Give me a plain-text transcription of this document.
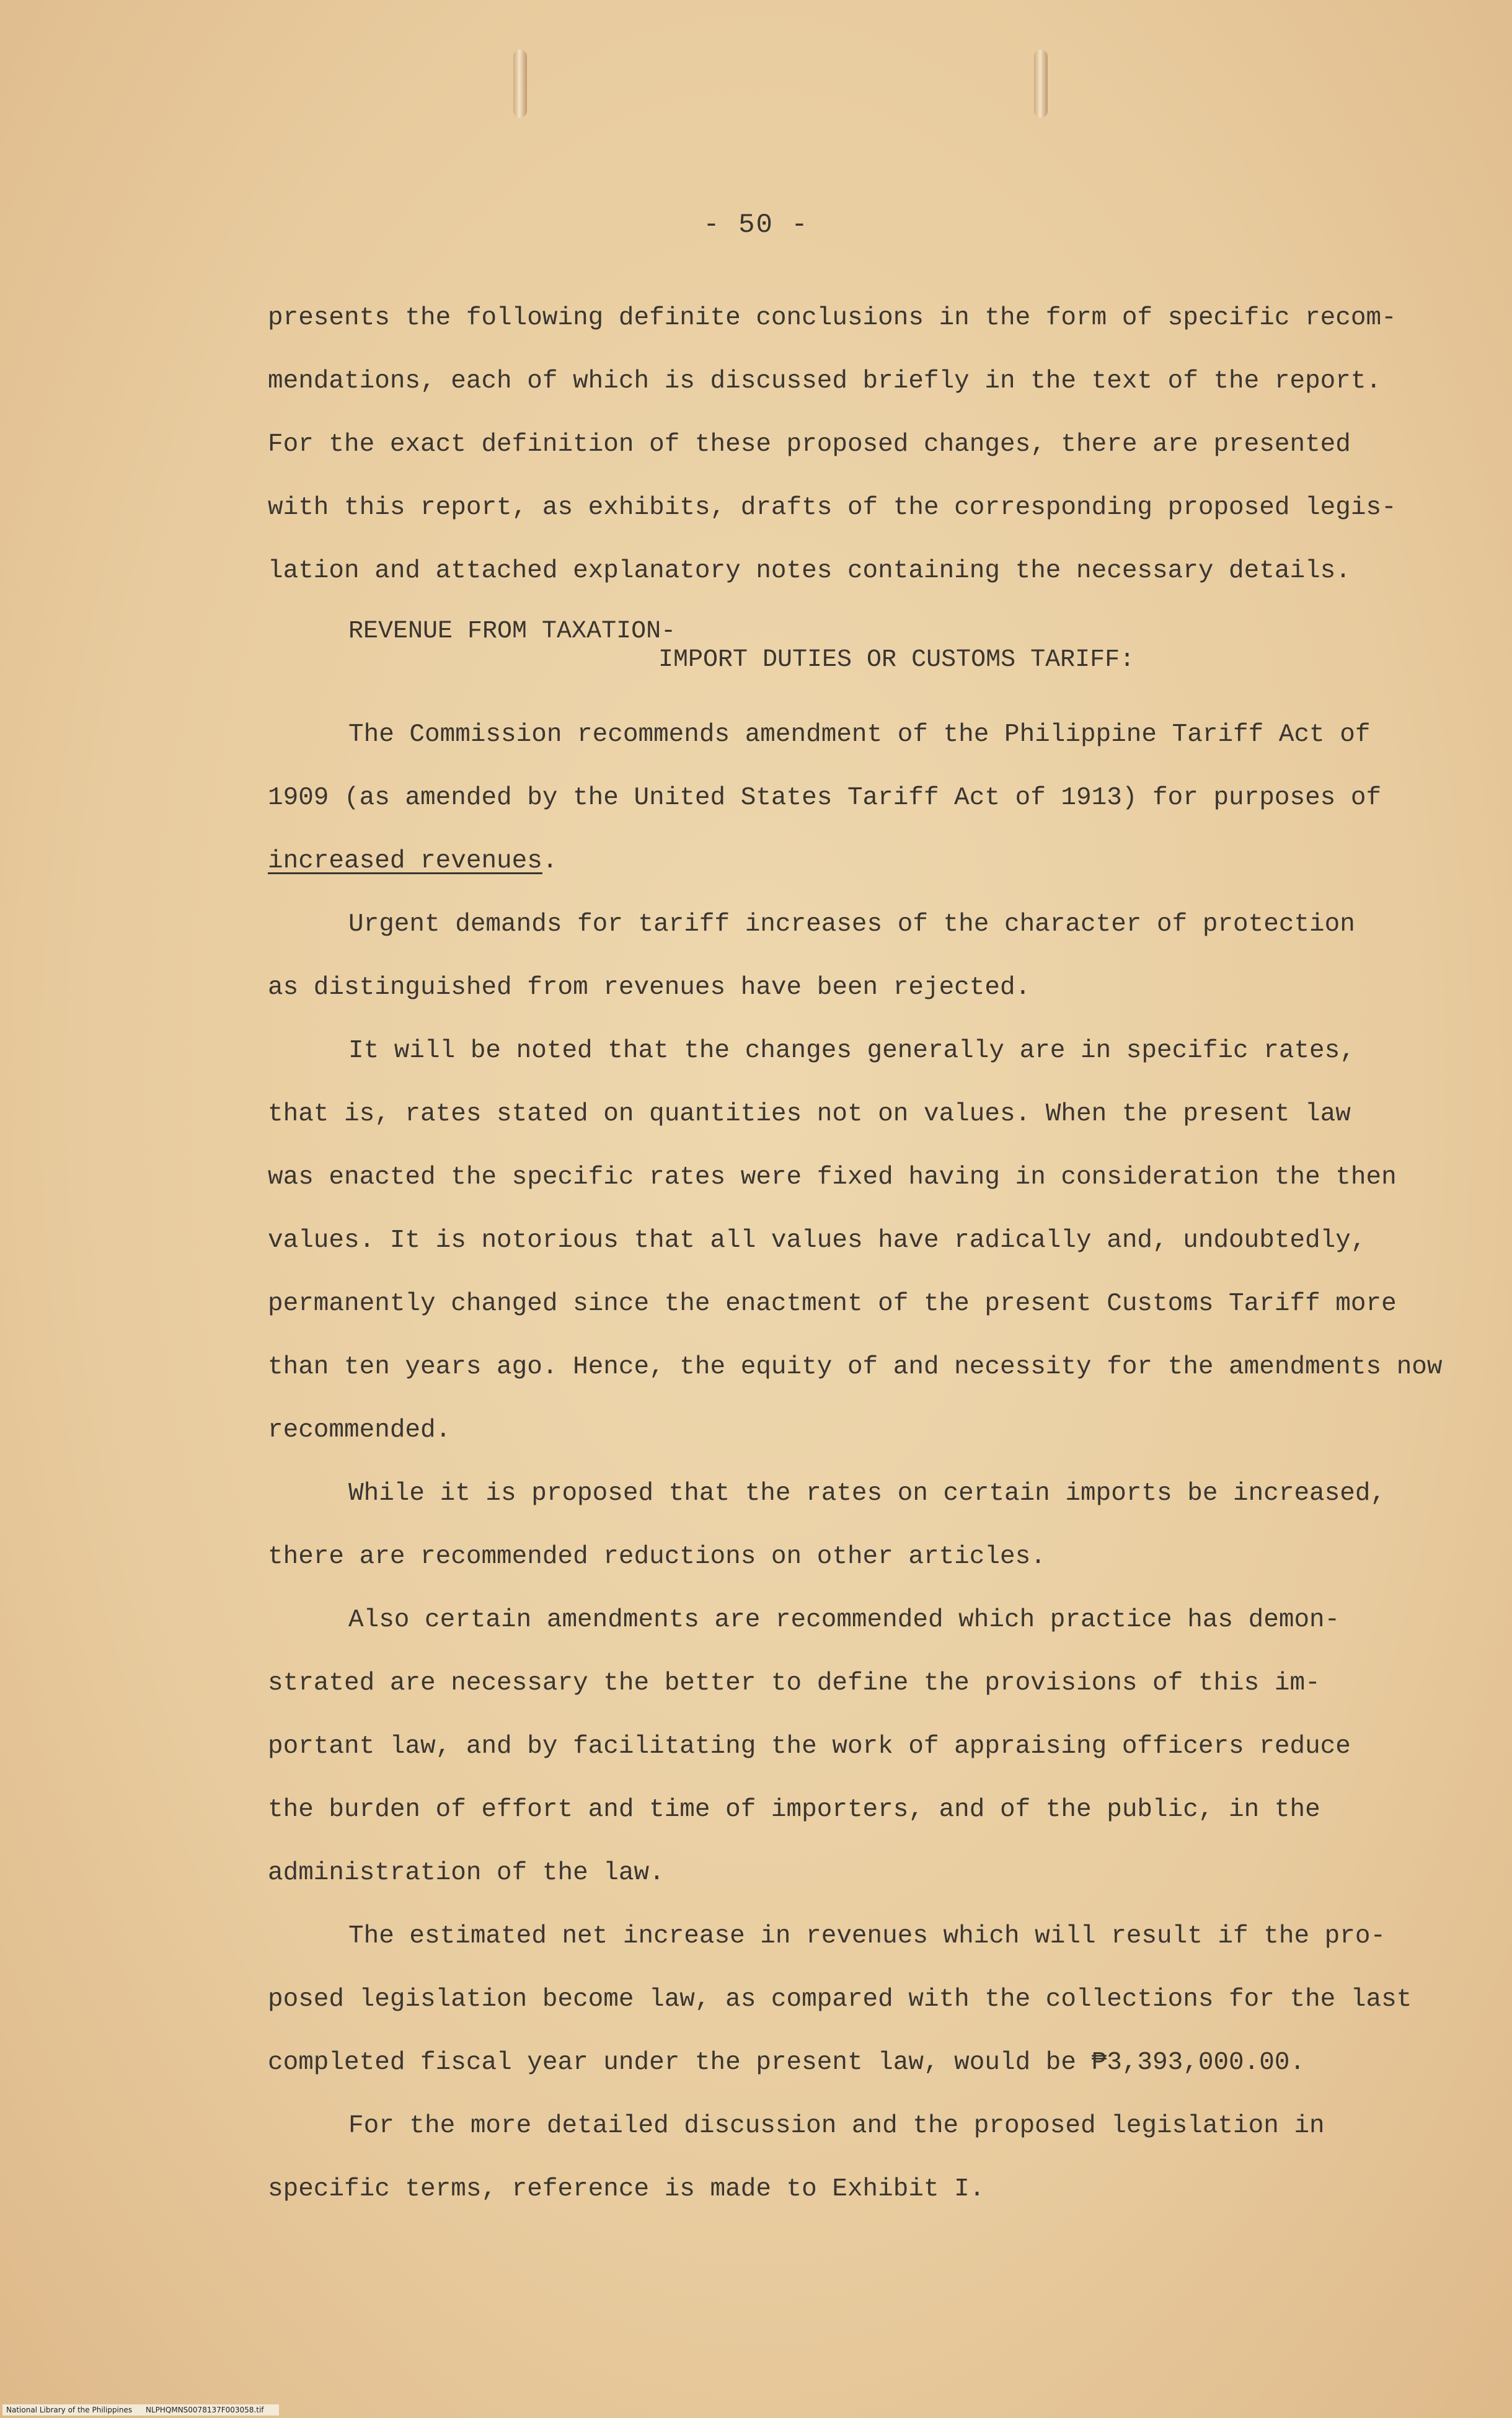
- 50 -
presents the following definite conclusions in the form of specific recom-
mendations, each of which is discussed briefly in the text of the report.
For the exact definition of these proposed changes, there are presented
with this report, as exhibits, drafts of the corresponding proposed legis-
lation and attached explanatory notes containing the necessary details.
REVENUE FROM TAXATION-
IMPORT DUTIES OR CUSTOMS TARIFF:
The Commission recommends amendment of the Philippine Tariff Act of
1909 (as amended by the United States Tariff Act of 1913) for purposes of
increased revenues.
Urgent demands for tariff increases of the character of protection
as distinguished from revenues have been rejected.
It will be noted that the changes generally are in specific rates,
that is, rates stated on quantities not on values. When the present law
was enacted the specific rates were fixed having in consideration the then
values. It is notorious that all values have radically and, undoubtedly,
permanently changed since the enactment of the present Customs Tariff more
than ten years ago. Hence, the equity of and necessity for the amendments now
recommended.
While it is proposed that the rates on certain imports be increased,
there are recommended reductions on other articles.
Also certain amendments are recommended which practice has demon-
strated are necessary the better to define the provisions of this im-
portant law, and by facilitating the work of appraising officers reduce
the burden of effort and time of importers, and of the public, in the
administration of the law.
The estimated net increase in revenues which will result if the pro-
posed legislation become law, as compared with the collections for the last
completed fiscal year under the present law, would be ₱3,393,000.00.
For the more detailed discussion and the proposed legislation in
specific terms, reference is made to Exhibit I.
National Library of the Philippines NLPHQMNS0078137F003058.tif
